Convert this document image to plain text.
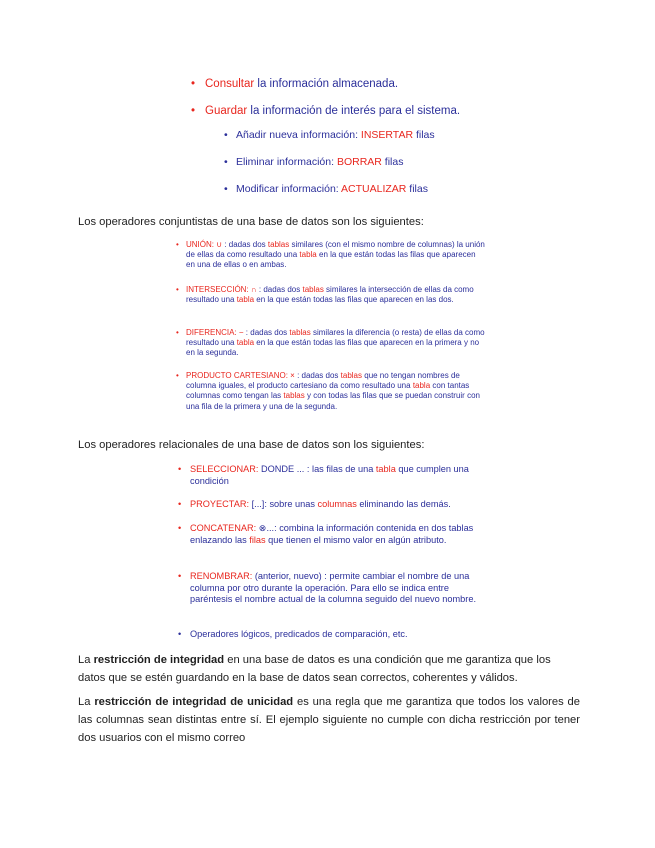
• Consultar la información almacenada.
• Guardar la información de interés para el sistema.
• Añadir nueva información: INSERTAR filas
• Eliminar información: BORRAR filas
• Modificar información: ACTUALIZAR filas
Los operadores conjuntistas de una base de datos son los siguientes:
• UNIÓN: ∪ : dadas dos tablas similares (con el mismo nombre de columnas) la unión de ellas da como resultado una tabla en la que están todas las filas que aparecen en una de ellas o en ambas.
• INTERSECCIÓN: ∩ : dadas dos tablas similares la intersección de ellas da como resultado una tabla en la que están todas las filas que aparecen en las dos.
• DIFERENCIA: − : dadas dos tablas similares la diferencia (o resta) de ellas da como resultado una tabla en la que están todas las filas que aparecen en la primera y no en la segunda.
• PRODUCTO CARTESIANO: × : dadas dos tablas que no tengan nombres de columna iguales, el producto cartesiano da como resultado una tabla con tantas columnas como tengan las tablas y con todas las filas que se puedan construir con una fila de la primera y una de la segunda.
Los operadores relacionales de una base de datos son los siguientes:
• SELECCIONAR: DONDE ... : las filas de una tabla que cumplen una condición
• PROYECTAR: [...]: sobre unas columnas eliminando las demás.
• CONCATENAR: ⊗...: combina la información contenida en dos tablas enlazando las filas que tienen el mismo valor en algún atributo.
• RENOMBRAR: (anterior, nuevo) : permite cambiar el nombre de una columna por otro durante la operación. Para ello se indica entre paréntesis el nombre actual de la columna seguido del nuevo nombre.
• Operadores lógicos, predicados de comparación, etc.
La restricción de integridad en una base de datos es una condición que me garantiza que los datos que se estén guardando en la base de datos sean correctos, coherentes y válidos.
La restricción de integridad de unicidad es una regla que me garantiza que todos los valores de las columnas sean distintas entre sí. El ejemplo siguiente no cumple con dicha restricción por tener dos usuarios con el mismo correo
